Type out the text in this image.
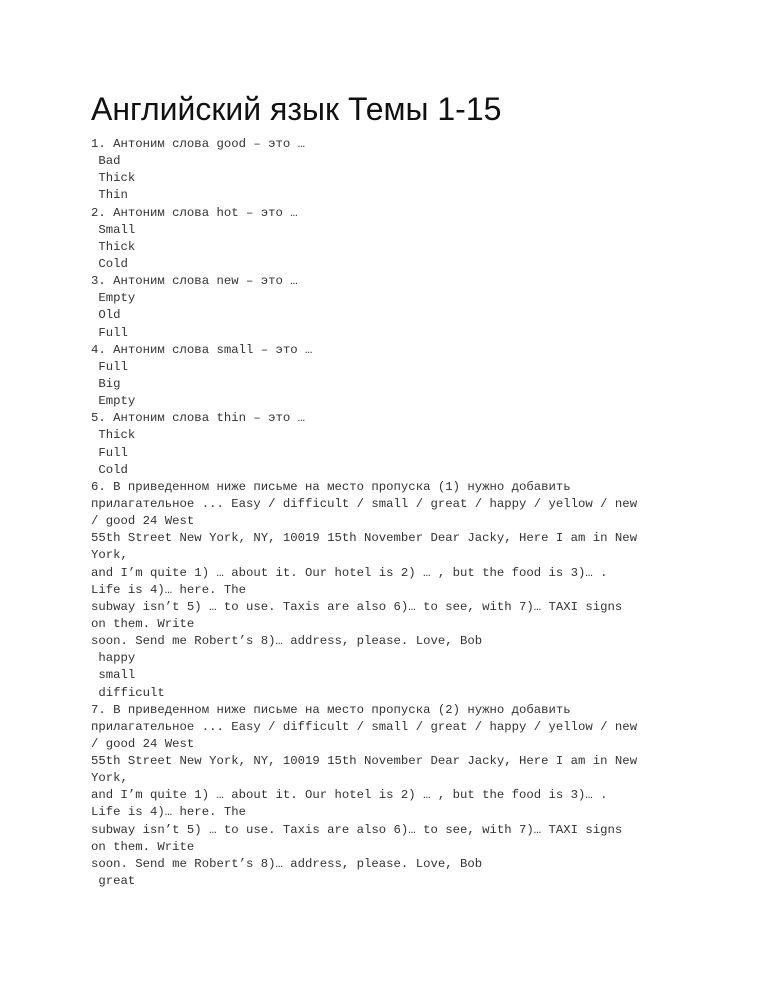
Английский язык Темы 1-15
1. Антоним слова good – это …
Bad
Thick
Thin
2. Антоним слова hot – это …
Small
Thick
Cold
3. Антоним слова new – это …
Empty
Old
Full
4. Антоним слова small – это …
Full
Big
Empty
5. Антоним слова thin – это …
Thick
Full
Cold
6. В приведенном ниже письме на место пропуска (1) нужно добавить
прилагательное ... Easy / difficult / small / great / happy / yellow / new
/ good 24 West
55th Street New York, NY, 10019 15th November Dear Jacky, Here I am in New
York,
and I’m quite 1) … about it. Our hotel is 2) … , but the food is 3)… .
Life is 4)… here. The
subway isn’t 5) … to use. Taxis are also 6)… to see, with 7)… TAXI signs
on them. Write
soon. Send me Robert’s 8)… address, please. Love, Bob
happy
small
difficult
7. В приведенном ниже письме на место пропуска (2) нужно добавить
прилагательное ... Easy / difficult / small / great / happy / yellow / new
/ good 24 West
55th Street New York, NY, 10019 15th November Dear Jacky, Here I am in New
York,
and I’m quite 1) … about it. Our hotel is 2) … , but the food is 3)… .
Life is 4)… here. The
subway isn’t 5) … to use. Taxis are also 6)… to see, with 7)… TAXI signs
on them. Write
soon. Send me Robert’s 8)… address, please. Love, Bob
great
